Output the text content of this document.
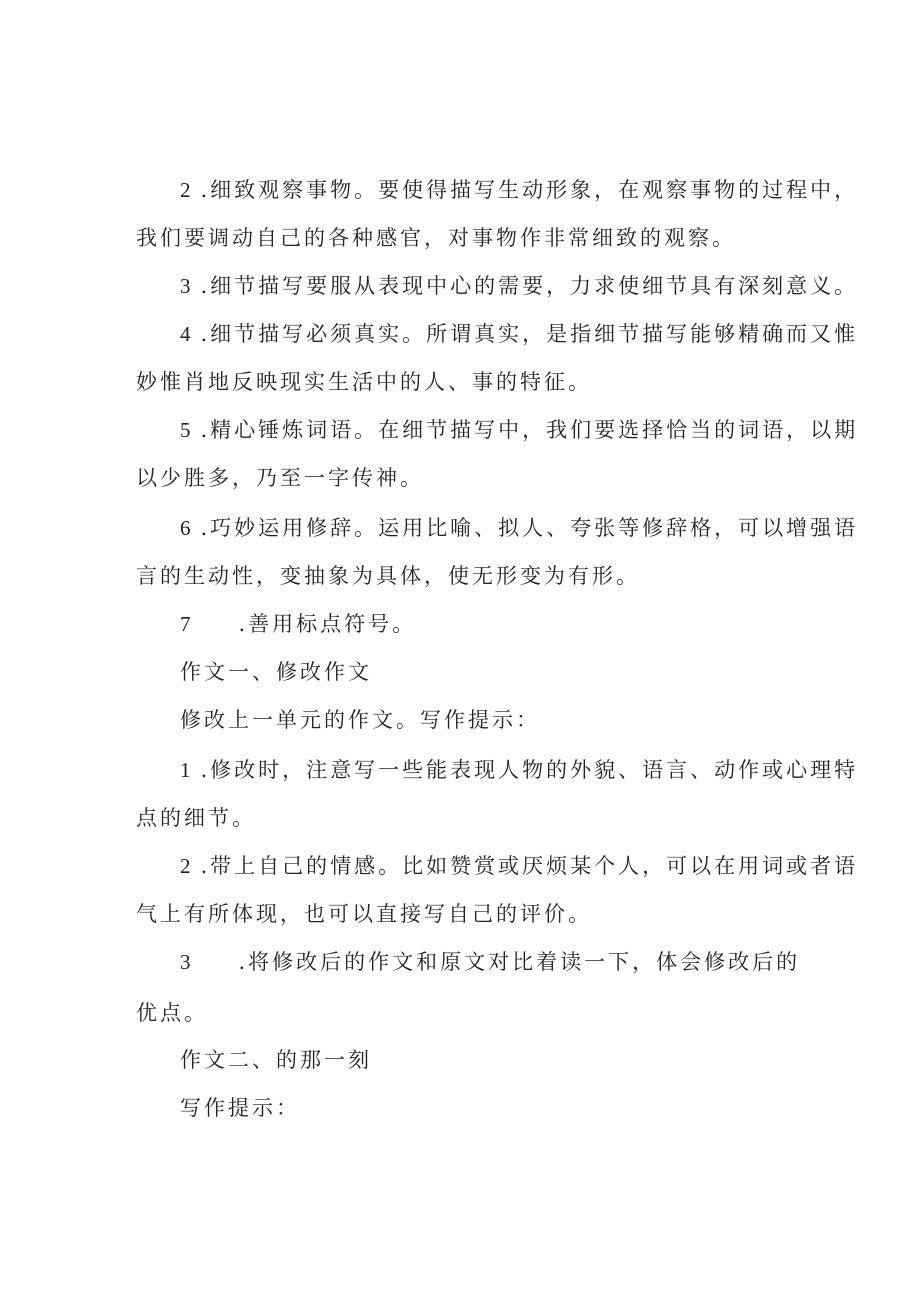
2 .细致观察事物。要使得描写生动形象，在观察事物的过程中，
我们要调动自己的各种感官，对事物作非常细致的观察。
3 .细节描写要服从表现中心的需要，力求使细节具有深刻意义。
4 .细节描写必须真实。所谓真实，是指细节描写能够精确而又惟
妙惟肖地反映现实生活中的人、事的特征。
5 .精心锤炼词语。在细节描写中，我们要选择恰当的词语，以期
以少胜多，乃至一字传神。
6 .巧妙运用修辞。运用比喻、拟人、夸张等修辞格，可以增强语
言的生动性，变抽象为具体，使无形变为有形。
7 .善用标点符号。
作文一、修改作文
修改上一单元的作文。写作提示：
1 .修改时，注意写一些能表现人物的外貌、语言、动作或心理特
点的细节。
2 .带上自己的情感。比如赞赏或厌烦某个人，可以在用词或者语
气上有所体现，也可以直接写自己的评价。
3 .将修改后的作文和原文对比着读一下，体会修改后的
优点。
作文二、的那一刻
写作提示：
